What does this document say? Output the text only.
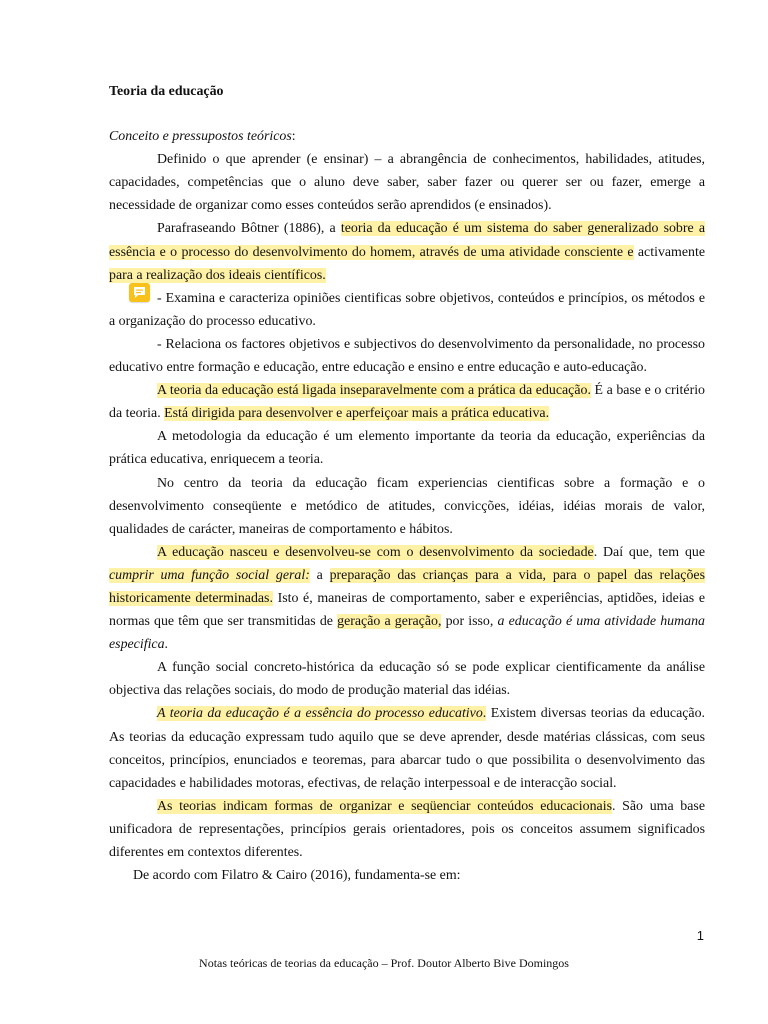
Teoria da educação

Conceito e pressupostos teóricos:

Definido o que aprender (e ensinar) – a abrangência de conhecimentos, habilidades, atitudes, capacidades, competências que o aluno deve saber, saber fazer ou querer ser ou fazer, emerge a necessidade de organizar como esses conteúdos serão aprendidos (e ensinados).

Parafraseando Bôtner (1886), a teoria da educação é um sistema do saber generalizado sobre a essência e o processo do desenvolvimento do homem, através de uma atividade consciente e activamente para a realização dos ideais científicos.

- Examina e caracteriza opiniões cientificas sobre objetivos, conteúdos e princípios, os métodos e a organização do processo educativo.

- Relaciona os factores objetivos e subjectivos do desenvolvimento da personalidade, no processo educativo entre formação e educação, entre educação e ensino e entre educação e auto-educação.

A teoria da educação está ligada inseparavelmente com a prática da educação. É a base e o critério da teoria. Está dirigida para desenvolver e aperfeiçoar mais a prática educativa.

A metodologia da educação é um elemento importante da teoria da educação, experiências da prática educativa, enriquecem a teoria.

No centro da teoria da educação ficam experiencias cientificas sobre a formação e o desenvolvimento conseqüente e metódico de atitudes, convicções, idéias, idéias morais de valor, qualidades de carácter, maneiras de comportamento e hábitos.

A educação nasceu e desenvolveu-se com o desenvolvimento da sociedade. Daí que, tem que cumprir uma função social geral: a preparação das crianças para a vida, para o papel das relações historicamente determinadas. Isto é, maneiras de comportamento, saber e experiências, aptidões, ideias e normas que têm que ser transmitidas de geração a geração, por isso, a educação é uma atividade humana especifica.

A função social concreto-histórica da educação só se pode explicar cientificamente da análise objectiva das relações sociais, do modo de produção material das idéias.

A teoria da educação é a essência do processo educativo. Existem diversas teorias da educação. As teorias da educação expressam tudo aquilo que se deve aprender, desde matérias clássicas, com seus conceitos, princípios, enunciados e teoremas, para abarcar tudo o que possibilita o desenvolvimento das capacidades e habilidades motoras, efectivas, de relação interpessoal e de interacção social.

As teorias indicam formas de organizar e seqüenciar conteúdos educacionais. São uma base unificadora de representações, princípios gerais orientadores, pois os conceitos assumem significados diferentes em contextos diferentes.

De acordo com Filatro & Cairo (2016), fundamenta-se em:

1
Notas teóricas de teorias da educação – Prof. Doutor Alberto Bive Domingos
